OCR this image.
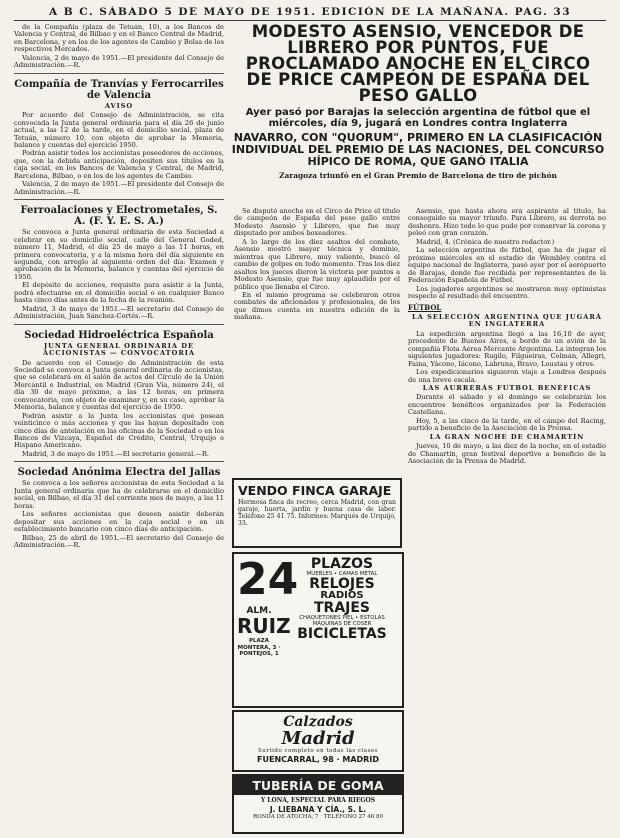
A B C. SÁBADO 5 DE MAYO DE 1951. EDICIÓN DE LA MAÑANA. PAG. 33

de la Compañía (plaza de Tetuán, 10), a los Bancos de Valencia y Central, de Bilbao y en el Banco Central de Madrid, en Barcelona, y en los de los agentes de Cambio y Bolsa de los respectivos Mercados.

Valencia, 2 de mayo de 1951.—El presidente del Consejo de Administración.—R.

Compañía de Tranvías y Ferrocarriles de Valencia
AVISO

Por acuerdo del Consejo de Administración, se cita convocada la Junta general ordinaria para el día 26 de junio actual, a las 12 de la tarde, en el domicilio social, plaza de Tetuán, número 10, con objeto de aprobar la Memoria, balance y cuentas del ejercicio 1950.

Podrán asistir todos los accionistas poseedores de acciones, que, con la debida anticipación, depositen sus títulos en la caja social, en los Bancos de Valencia y Central, de Madrid, Barcelona, Bilbao, o en los de los agentes de Cambio.

Valencia, 2 de mayo de 1951.—El presidente del Consejo de Administración.—R.

Ferroalaciones y Electrometales, S. A. (F. Y. E. S. A.)

Se convoca a Junta general ordinaria de esta Sociedad a celebrar en su domicilio social, calle del General Goded, número 11, Madrid, el día 25 de mayo a las 11 horas, en primera convocatoria, y a la misma hora del día siguiente en segunda, con arreglo al siguiente orden del día: Examen y aprobación de la Memoria, balance y cuentas del ejercicio de 1950.

El depósito de acciones, requisito para asistir a la Junta, podrá efectuarse en el domicilio social o en cualquier Banco hasta cinco días antes de la fecha de la reunión.

Madrid, 3 de mayo de 1951.—El secretario del Consejo de Administración, Juan Sánchez-Cortés.—R.

Sociedad Hidroeléctrica Española
JUNTA GENERAL ORDINARIA DE ACCIONISTAS — CONVOCATORIA

De acuerdo con el Consejo de Administración de esta Sociedad se convoca a Junta general ordinaria de accionistas, que se celebrará en el salón de actos del Círculo de la Unión Mercantil e Industrial, en Madrid (Gran Vía, número 24), el día 30 de mayo próximo, a las 12 horas, en primera convocatoria, con objeto de examinar y, en su caso, aprobar la Memoria, balance y cuentas del ejercicio de 1950.

Podrán asistir a la Junta los accionistas que posean veinticinco o más acciones y que las hayan depositado con cinco días de antelación en las oficinas de la Sociedad o en los Bancos de Vizcaya, Español de Crédito, Central, Urquijo e Hispano Americano.

Madrid, 3 de mayo de 1951.—El secretario general.—R.

Sociedad Anónima Electra del Jallas

Se convoca a los señores accionistas de esta Sociedad a la Junta general ordinaria que ha de celebrarse en el domicilio social, en Bilbao, el día 31 del corriente mes de mayo, a las 11 horas.

Los señores accionistas que deseen asistir deberán depositar sus acciones en la caja social o en un establecimiento bancario con cinco días de anticipación.

Bilbao, 25 de abril de 1951.—El secretario del Consejo de Administración.—R.

MODESTO ASENSIO, VENCEDOR DE LIBRERO POR PUNTOS, FUE PROCLAMADO ANOCHE EN EL CIRCO DE PRICE CAMPEÓN DE ESPAÑA DEL PESO GALLO
Ayer pasó por Barajas la selección argentina de fútbol que el miércoles, día 9, jugará en Londres contra Inglaterra
NAVARRO, CON "QUORUM", PRIMERO EN LA CLASIFICACIÓN INDIVIDUAL DEL PREMIO DE LAS NACIONES, DEL CONCURSO HÍPICO DE ROMA, QUE GANÓ ITALIA
Zaragoza triunfó en el Gran Premio de Barcelona de tiro de pichón

Se disputó anoche en el Circo de Price el título de campeón de España del peso gallo entre Modesto Asensio y Librero, que fue muy disputado por ambos boxeadores.

A lo largo de los diez asaltos del combate, Asensio mostró mayor técnica y dominio, mientras que Librero, muy valiente, buscó el cambio de golpes en todo momento. Tras los diez asaltos los jueces dieron la victoria por puntos a Modesto Asensio, que fue muy aplaudido por el público que llenaba el Circo.

En el mismo programa se celebraron otros combates de aficionados y profesionales, de los que dimos cuenta en nuestra edición de la mañana.

Asensio, que hasta ahora era aspirante al título, ha conseguido su mayor triunfo. Para Librero, su derrota no deshonra. Hizo todo lo que pudo por conservar la corona y peleó con gran corazón.

Madrid, 4. (Crónica de nuestro redactor.)

La selección argentina de fútbol, que ha de jugar el próximo miércoles en el estadio de Wembley contra el equipo nacional de Inglaterra, pasó ayer por el aeropuerto de Barajas, donde fue recibida por representantes de la Federación Española de Fútbol.

Los jugadores argentinos se mostraron muy optimistas respecto al resultado del encuentro.

FÚTBOL
LA SELECCIÓN ARGENTINA QUE JUGARÁ EN INGLATERRA

La expedición argentina llegó a las 16,10 de ayer, procedente de Buenos Aires, a bordo de un avión de la compañía Flota Aérea Mercante Argentina. La integran los siguientes jugadores: Rugilo, Filgueiras, Colman, Allegri, Faina, Yácono, Iácono, Labruna, Bravo, Loustau y otros.

Los expedicionarios siguieron viaje a Londres después de una breve escala.

LAS AURRERÁS FUTBOL BENÉFICAS

Durante el sábado y el domingo se celebrarán los encuentros benéficos organizados por la Federación Castellana.

Hoy, 5, a las cinco de la tarde, en el campo del Racing, partido a beneficio de la Asociación de la Prensa.

LA GRAN NOCHE DE CHAMARTÍN

Jueves, 10 de mayo, a las diez de la noche, en el estadio de Chamartín, gran festival deportivo a beneficio de la Asociación de la Prensa de Madrid.

VENDO FINCA GARAJE
Hermosa finca de recreo, cerca Madrid, con gran garaje, huerta, jardín y buena casa de labor. Teléfono 25 41 75. Informes: Marqués de Urquijo, 33.
24
ALM.
RUIZ
PLAZA MONTERA, 3 · PONTEJOS, 1
PLAZOS
MUEBLES • CAMAS METAL
RELOJES
RADIOS
TRAJES
CHAQUETONES PIEL • ESTOLAS
MÁQUINAS DE COSER
BICICLETAS
Calzados
Madrid
Surtido completo en todas las clases
FUENCARRAL, 98 · MADRID
TUBERÍA DE GOMA
Y LONA, ESPECIAL PARA RIEGOS
J. LIEBANA Y CÍA., S. L.
RONDA DE ATOCHA, 7 · TELÉFONO 27 46 80
